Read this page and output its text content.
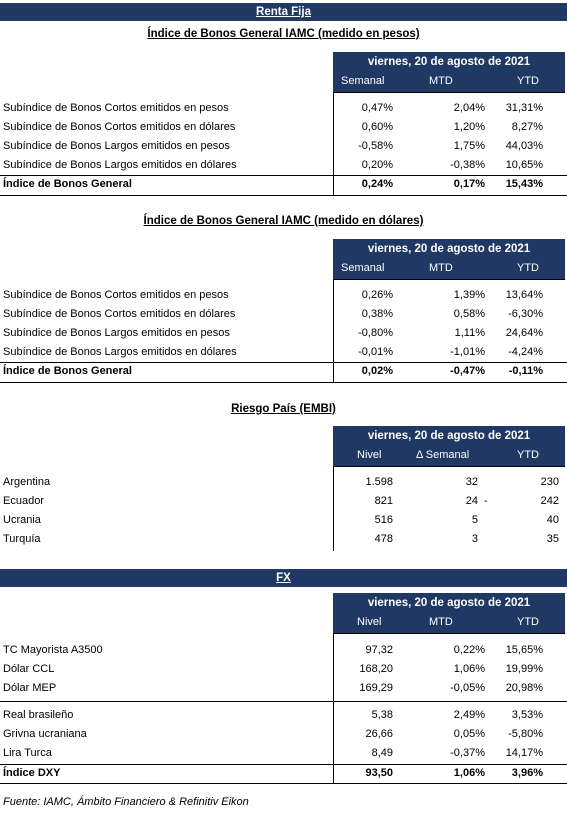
Renta Fija
Índice de Bonos General IAMC (medido en pesos)
viernes, 20 de agosto de 2021
Semanal	MTD	YTD
Subíndice de Bonos Cortos emitidos en pesos	0,47%	2,04%	31,31%
Subíndice de Bonos Cortos emitidos en dólares	0,60%	1,20%	8,27%
Subíndice de Bonos Largos emitidos en pesos	-0,58%	1,75%	44,03%
Subíndice de Bonos Largos emitidos en dólares	0,20%	-0,38%	10,65%
Índice de Bonos General	0,24%	0,17%	15,43%
Índice de Bonos General IAMC (medido en dólares)
viernes, 20 de agosto de 2021
Semanal	MTD	YTD
Subíndice de Bonos Cortos emitidos en pesos	0,26%	1,39%	13,64%
Subíndice de Bonos Cortos emitidos en dólares	0,38%	0,58%	-6,30%
Subíndice de Bonos Largos emitidos en pesos	-0,80%	1,11%	24,64%
Subíndice de Bonos Largos emitidos en dólares	-0,01%	-1,01%	-4,24%
Índice de Bonos General	0,02%	-0,47%	-0,11%
Riesgo País (EMBI)
viernes, 20 de agosto de 2021
Nivel	Δ Semanal	YTD
Argentina	1.598	32	230
Ecuador	821	24 -	242
Ucrania	516	5	40
Turquía	478	3	35
FX
viernes, 20 de agosto de 2021
Nivel	MTD	YTD
TC Mayorista A3500	97,32	0,22%	15,65%
Dólar CCL	168,20	1,06%	19,99%
Dólar MEP	169,29	-0,05%	20,98%
Real brasileño	5,38	2,49%	3,53%
Grivna ucraniana	26,66	0,05%	-5,80%
Lira Turca	8,49	-0,37%	14,17%
Índice DXY	93,50	1,06%	3,96%
Fuente: IAMC, Ámbito Financiero & Refinitiv Eikon
